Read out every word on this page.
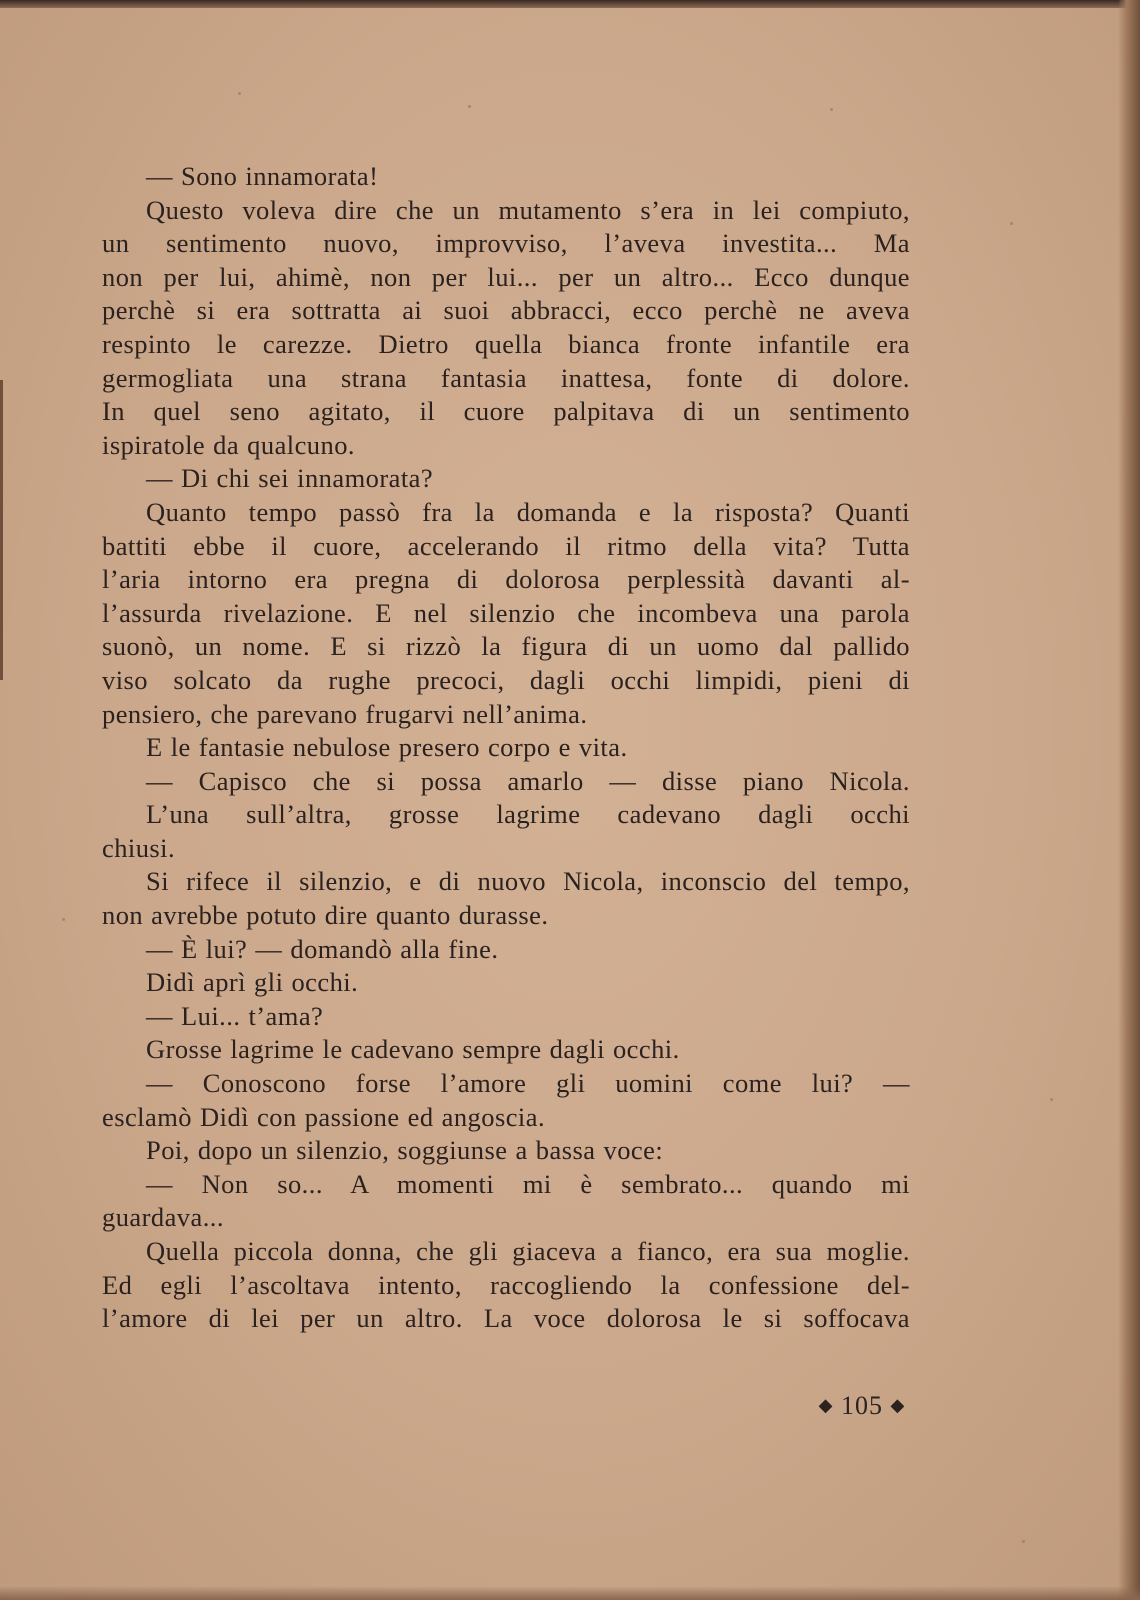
— Sono innamorata!
Questo voleva dire che un mutamento s’era in lei compiuto,
un sentimento nuovo, improvviso, l’aveva investita... Ma
non per lui, ahimè, non per lui... per un altro... Ecco dunque
perchè si era sottratta ai suoi abbracci, ecco perchè ne aveva
respinto le carezze. Dietro quella bianca fronte infantile era
germogliata una strana fantasia inattesa, fonte di dolore.
In quel seno agitato, il cuore palpitava di un sentimento
ispiratole da qualcuno.
— Di chi sei innamorata?
Quanto tempo passò fra la domanda e la risposta? Quanti
battiti ebbe il cuore, accelerando il ritmo della vita? Tutta
l’aria intorno era pregna di dolorosa perplessità davanti al-
l’assurda rivelazione. E nel silenzio che incombeva una parola
suonò, un nome. E si rizzò la figura di un uomo dal pallido
viso solcato da rughe precoci, dagli occhi limpidi, pieni di
pensiero, che parevano frugarvi nell’anima.
E le fantasie nebulose presero corpo e vita.
— Capisco che si possa amarlo — disse piano Nicola.
L’una sull’altra, grosse lagrime cadevano dagli occhi
chiusi.
Si rifece il silenzio, e di nuovo Nicola, inconscio del tempo,
non avrebbe potuto dire quanto durasse.
— È lui? — domandò alla fine.
Didì aprì gli occhi.
— Lui... t’ama?
Grosse lagrime le cadevano sempre dagli occhi.
— Conoscono forse l’amore gli uomini come lui? —
esclamò Didì con passione ed angoscia.
Poi, dopo un silenzio, soggiunse a bassa voce:
— Non so... A momenti mi è sembrato... quando mi
guardava...
Quella piccola donna, che gli giaceva a fianco, era sua moglie.
Ed egli l’ascoltava intento, raccogliendo la confessione del-
l’amore di lei per un altro. La voce dolorosa le si soffocava
◆ 105 ◆
